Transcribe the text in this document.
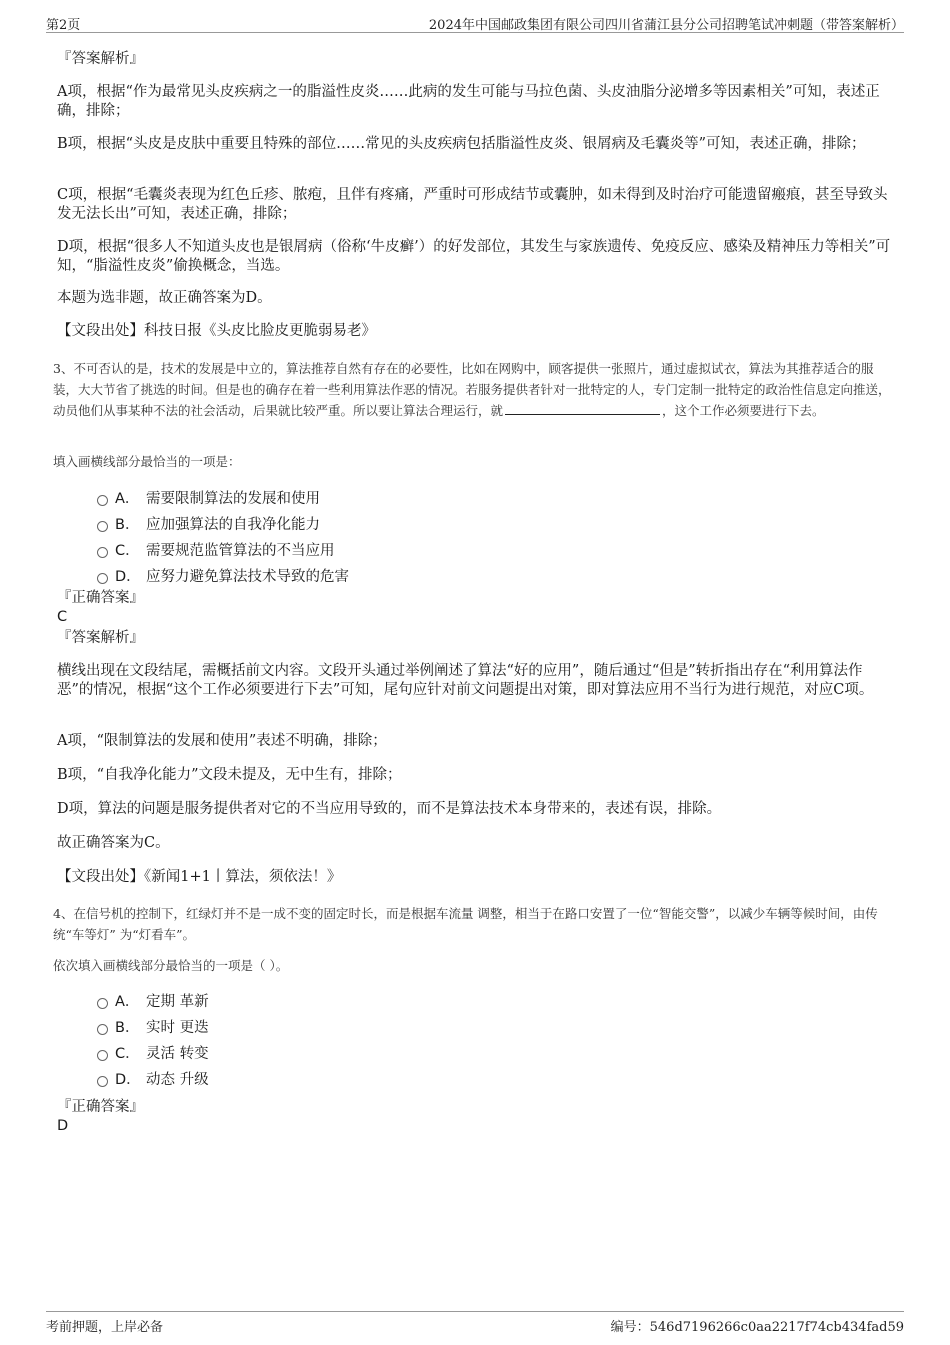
第2页	2024年中国邮政集团有限公司四川省蒲江县分公司招聘笔试冲刺题（带答案解析）
『答案解析』
A项，根据“作为最常见头皮疾病之一的脂溢性皮炎……此病的发生可能与马拉色菌、头皮油脂分泌增多等因素相关”可知，表述正确，排除；
B项，根据“头皮是皮肤中重要且特殊的部位……常见的头皮疾病包括脂溢性皮炎、银屑病及毛囊炎等”可知，表述正确，排除；
C项，根据“毛囊炎表现为红色丘疹、脓疱，且伴有疼痛，严重时可形成结节或囊肿，如未得到及时治疗可能遗留瘢痕，甚至导致头发无法长出”可知，表述正确，排除；
D项，根据“很多人不知道头皮也是银屑病（俗称‘牛皮癣’）的好发部位，其发生与家族遗传、免疫反应、感染及精神压力等相关”可知，“脂溢性皮炎”偷换概念，当选。
本题为选非题，故正确答案为D。
【文段出处】科技日报《头皮比脸皮更脆弱易老》
3、不可否认的是，技术的发展是中立的，算法推荐自然有存在的必要性，比如在网购中，顾客提供一张照片，通过虚拟试衣，算法为其推荐适合的服装，大大节省了挑选的时间。但是也的确存在着一些利用算法作恶的情况。若服务提供者针对一批特定的人，专门定制一批特定的政治性信息定向推送，动员他们从事某种不法的社会活动，后果就比较严重。所以要让算法合理运行，就	，这个工作必须要进行下去。
填入画横线部分最恰当的一项是：
A． 需要限制算法的发展和使用
B． 应加强算法的自我净化能力
C． 需要规范监管算法的不当应用
D． 应努力避免算法技术导致的危害
『正确答案』
C
『答案解析』
横线出现在文段结尾，需概括前文内容。文段开头通过举例阐述了算法“好的应用”，随后通过“但是”转折指出存在“利用算法作恶”的情况，根据“这个工作必须要进行下去”可知，尾句应针对前文问题提出对策，即对算法应用不当行为进行规范，对应C项。
A项，“限制算法的发展和使用”表述不明确，排除；
B项，“自我净化能力”文段未提及，无中生有，排除；
D项，算法的问题是服务提供者对它的不当应用导致的，而不是算法技术本身带来的，表述有误，排除。
故正确答案为C。
【文段出处】《新闻1+1丨算法，须依法！》
4、在信号机的控制下，红绿灯并不是一成不变的固定时长，而是根据车流量 调整，相当于在路口安置了一位“智能交警”，以减少车辆等候时间，由传统“车等灯” 为“灯看车”。
依次填入画横线部分最恰当的一项是（ ）。
A． 定期 革新
B． 实时 更迭
C． 灵活 转变
D． 动态 升级
『正确答案』
D
考前押题，上岸必备	编号：546d7196266c0aa2217f74cb434fad59
